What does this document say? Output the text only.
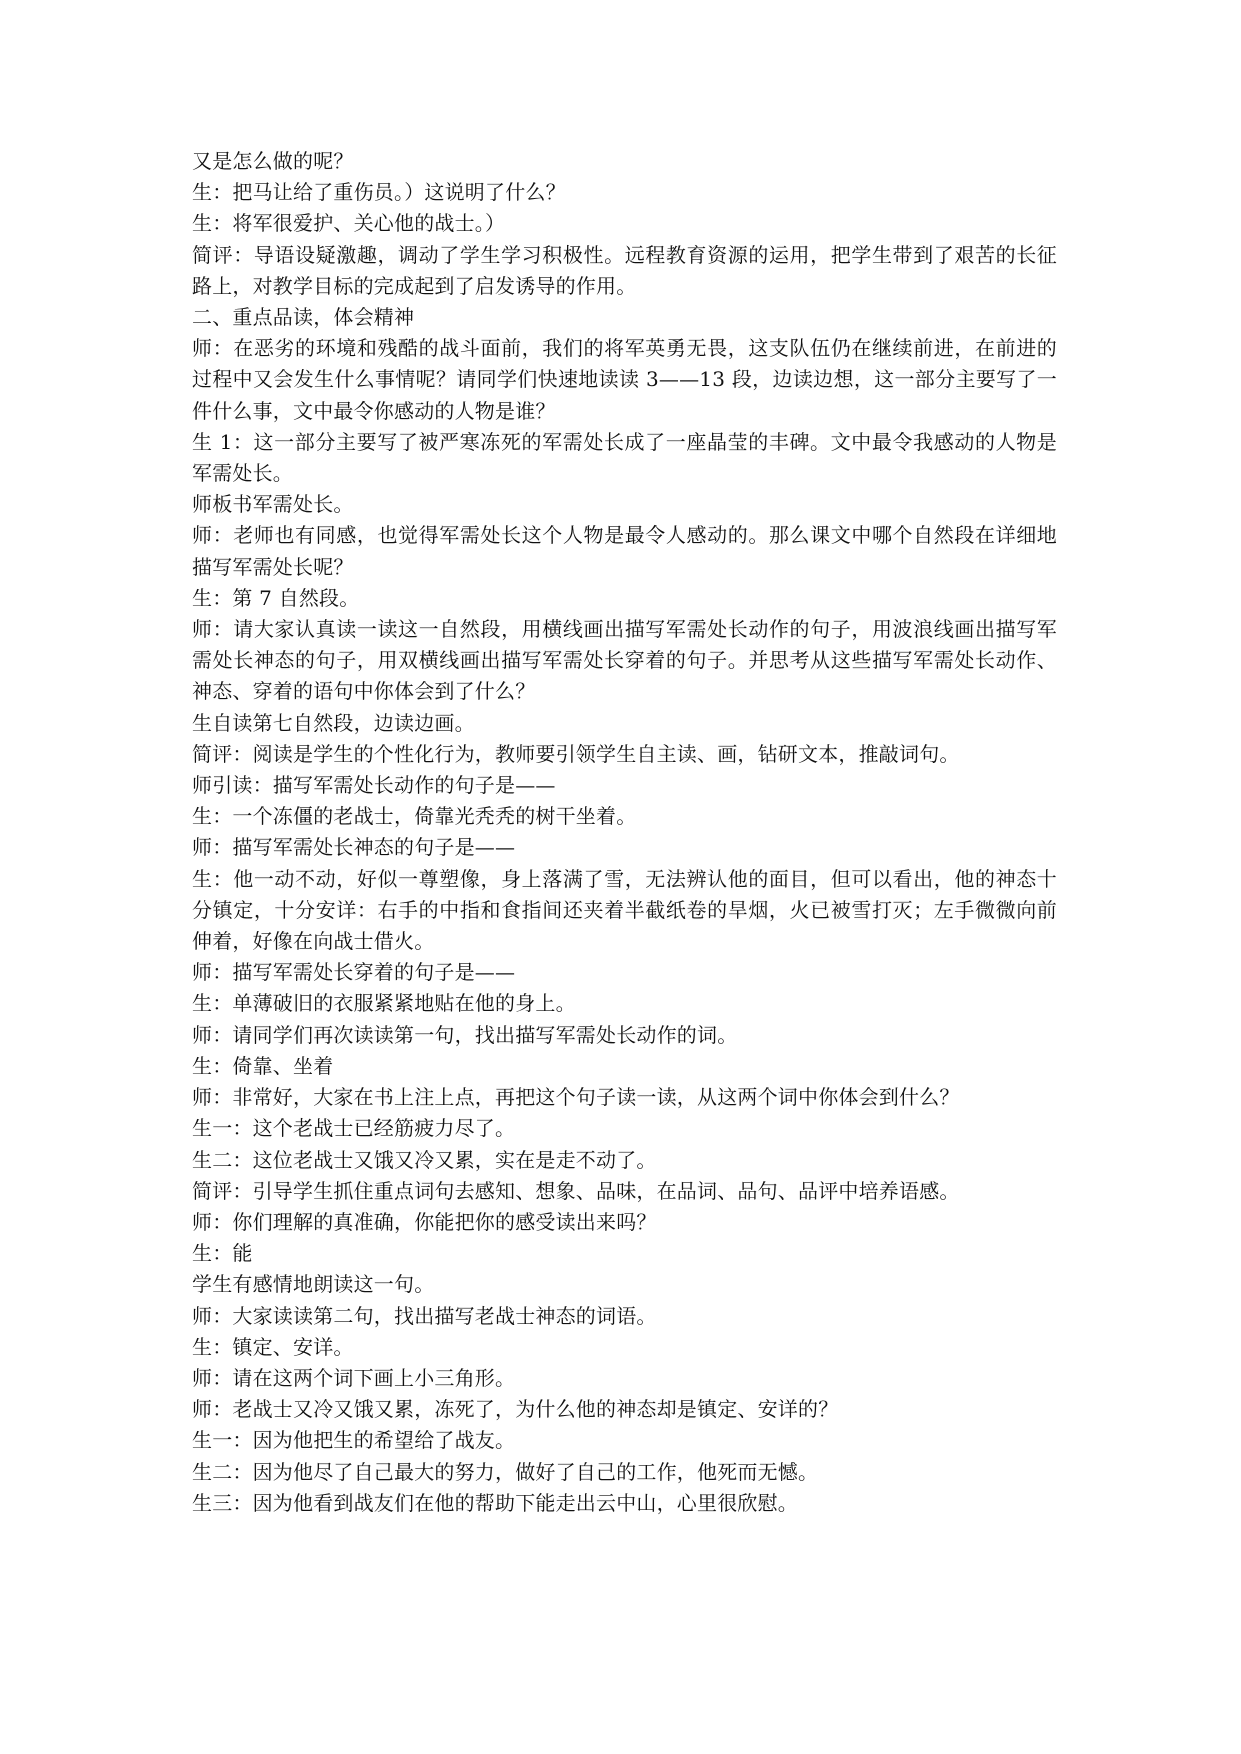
又是怎么做的呢？
生：把马让给了重伤员。）这说明了什么？
生：将军很爱护、关心他的战士。）
简评：导语设疑激趣，调动了学生学习积极性。远程教育资源的运用，把学生带到了艰苦的长征路上，对教学目标的完成起到了启发诱导的作用。
二、重点品读，体会精神
师：在恶劣的环境和残酷的战斗面前，我们的将军英勇无畏，这支队伍仍在继续前进，在前进的过程中又会发生什么事情呢？请同学们快速地读读 3——13 段，边读边想，这一部分主要写了一件什么事，文中最令你感动的人物是谁？
生 1：这一部分主要写了被严寒冻死的军需处长成了一座晶莹的丰碑。文中最令我感动的人物是军需处长。
师板书军需处长。
师：老师也有同感，也觉得军需处长这个人物是最令人感动的。那么课文中哪个自然段在详细地描写军需处长呢？
生：第 7 自然段。
师：请大家认真读一读这一自然段，用横线画出描写军需处长动作的句子，用波浪线画出描写军需处长神态的句子，用双横线画出描写军需处长穿着的句子。并思考从这些描写军需处长动作、神态、穿着的语句中你体会到了什么？
生自读第七自然段，边读边画。
简评：阅读是学生的个性化行为，教师要引领学生自主读、画，钻研文本，推敲词句。
师引读：描写军需处长动作的句子是——
生：一个冻僵的老战士，倚靠光秃秃的树干坐着。
师：描写军需处长神态的句子是——
生：他一动不动，好似一尊塑像，身上落满了雪，无法辨认他的面目，但可以看出，他的神态十分镇定，十分安详：右手的中指和食指间还夹着半截纸卷的旱烟，火已被雪打灭；左手微微向前伸着，好像在向战士借火。
师：描写军需处长穿着的句子是——
生：单薄破旧的衣服紧紧地贴在他的身上。
师：请同学们再次读读第一句，找出描写军需处长动作的词。
生：倚靠、坐着
师：非常好，大家在书上注上点，再把这个句子读一读，从这两个词中你体会到什么？
生一：这个老战士已经筋疲力尽了。
生二：这位老战士又饿又冷又累，实在是走不动了。
简评：引导学生抓住重点词句去感知、想象、品味，在品词、品句、品评中培养语感。
师：你们理解的真准确，你能把你的感受读出来吗？
生：能
学生有感情地朗读这一句。
师：大家读读第二句，找出描写老战士神态的词语。
生：镇定、安详。
师：请在这两个词下画上小三角形。
师：老战士又冷又饿又累，冻死了，为什么他的神态却是镇定、安详的？
生一：因为他把生的希望给了战友。
生二：因为他尽了自己最大的努力，做好了自己的工作，他死而无憾。
生三：因为他看到战友们在他的帮助下能走出云中山，心里很欣慰。
